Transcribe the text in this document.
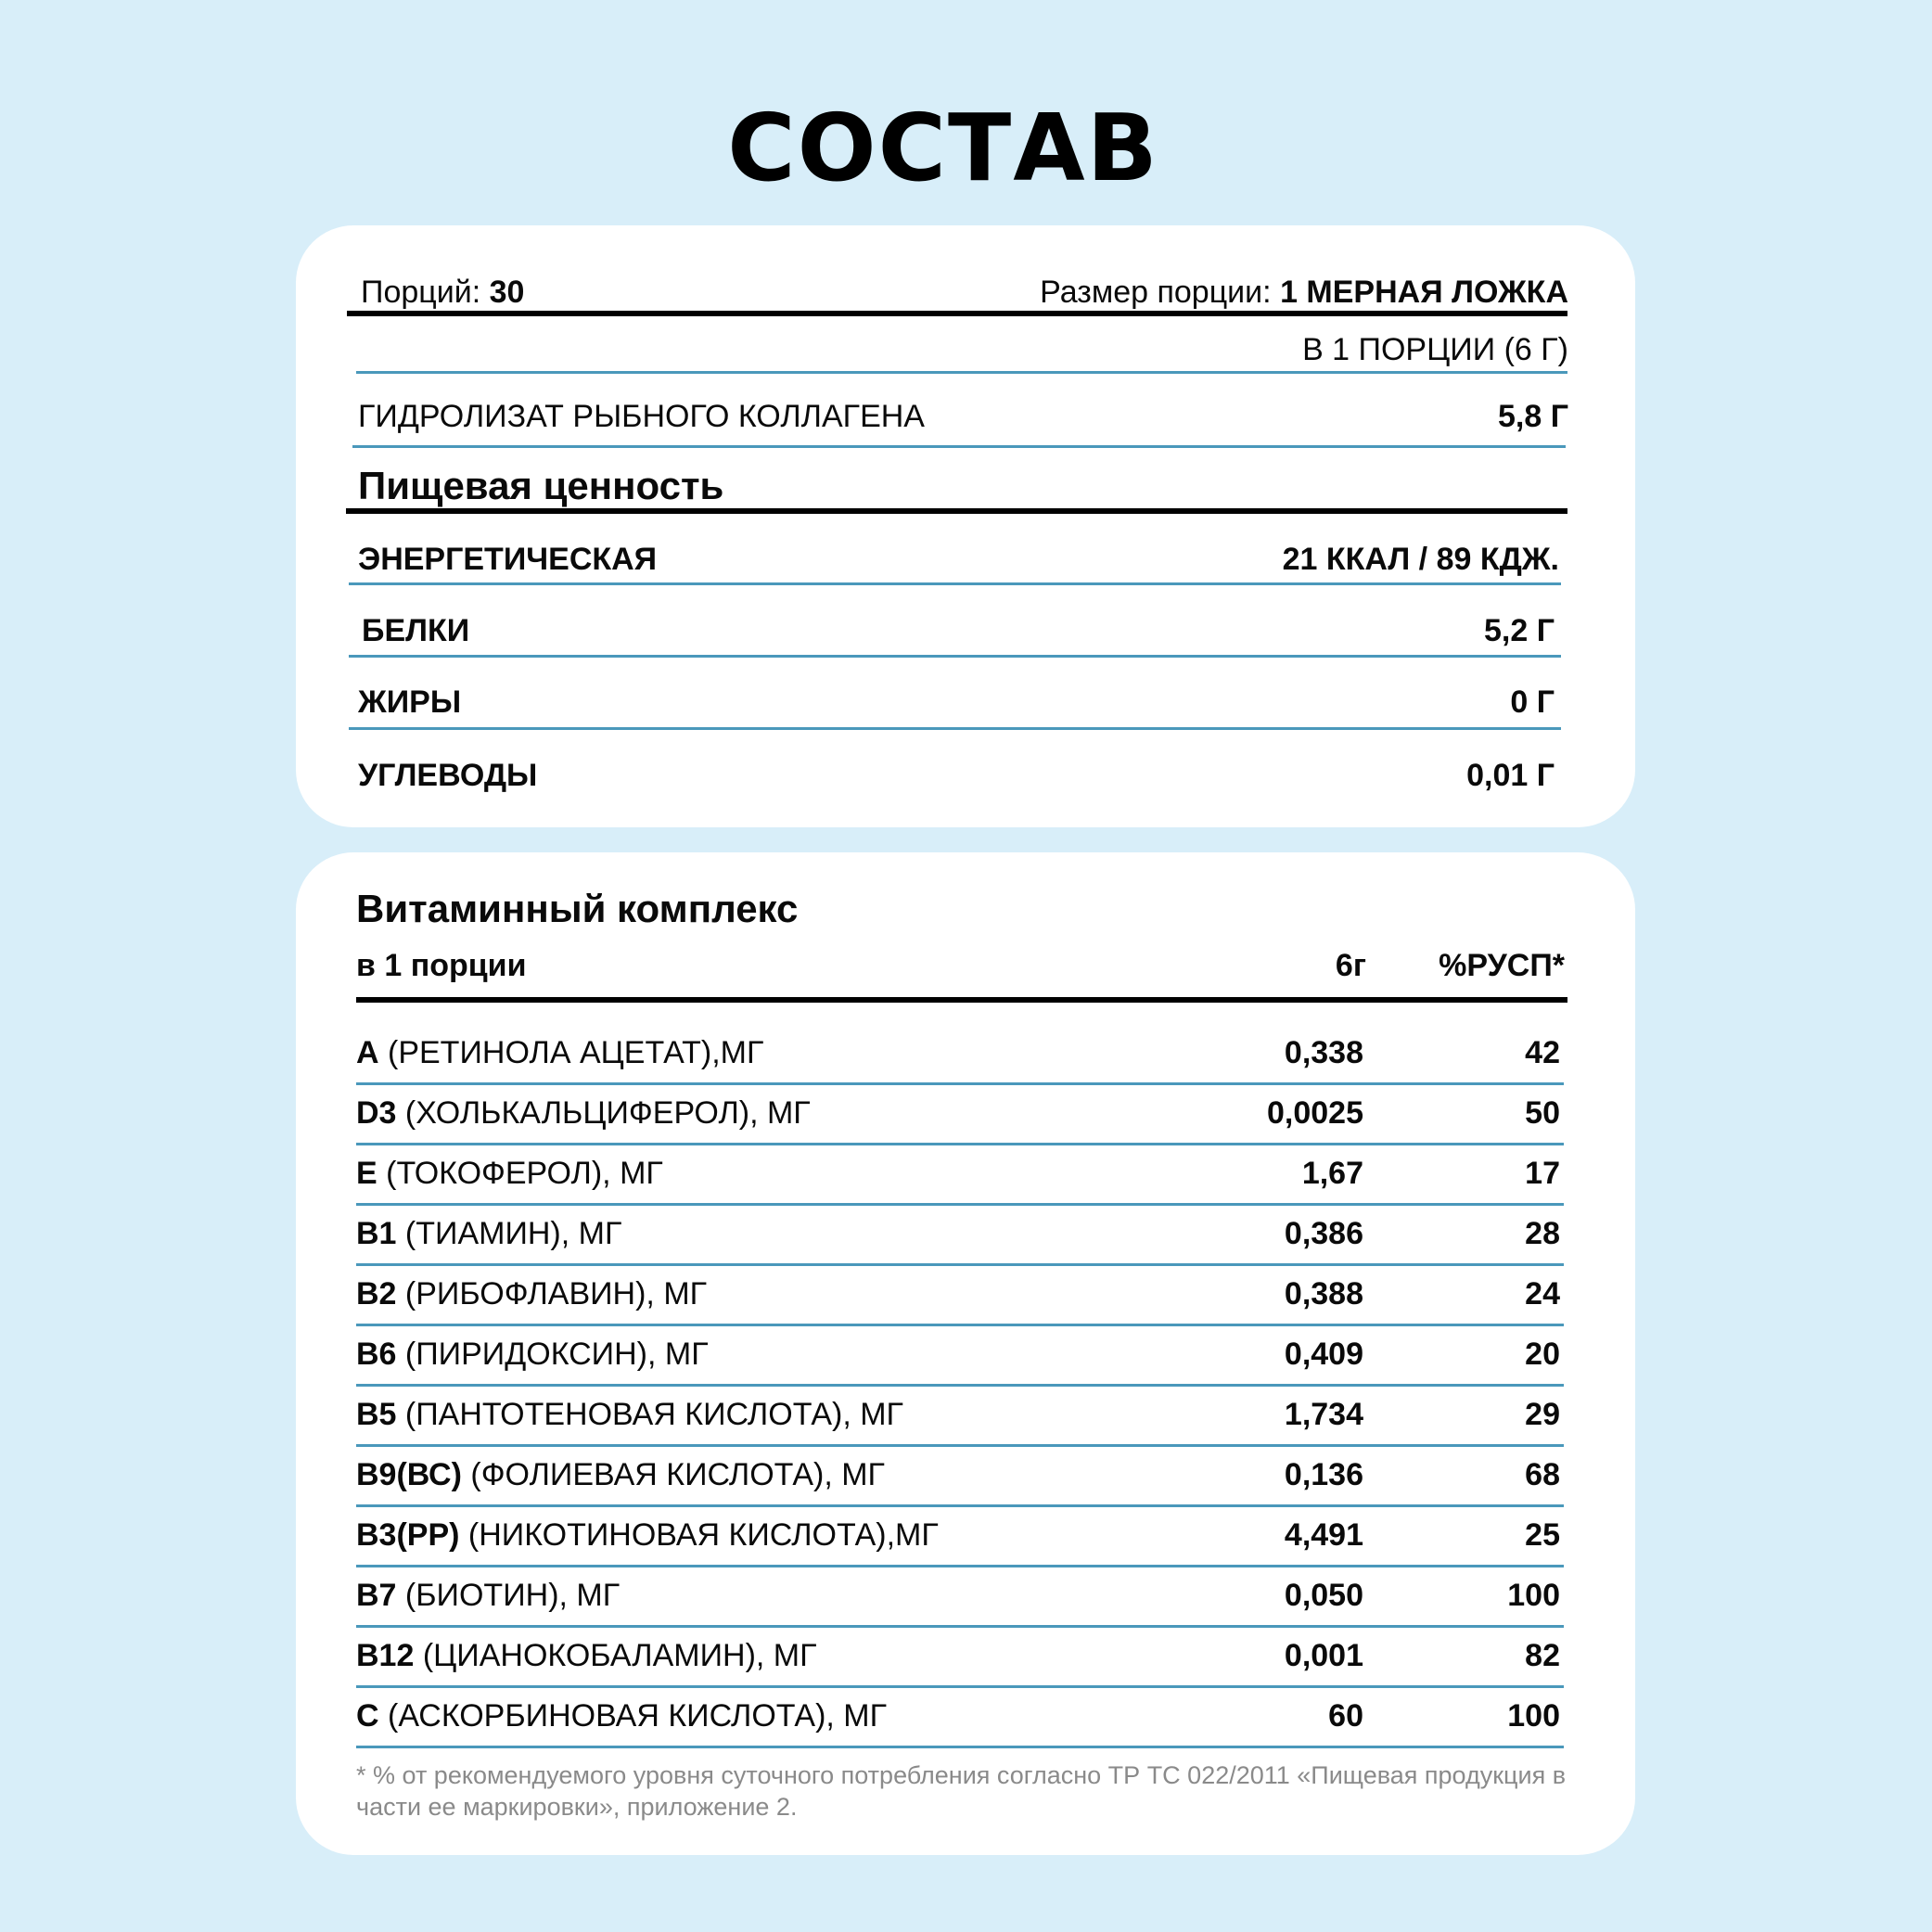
СОСТАВ
Порций: 30	Размер порции: 1 МЕРНАЯ ЛОЖКА
В 1 ПОРЦИИ (6 Г)
ГИДРОЛИЗАТ РЫБНОГО КОЛЛАГЕНА	5,8 Г
Пищевая ценность
ЭНЕРГЕТИЧЕСКАЯ	21 ККАЛ / 89 КДЖ.
БЕЛКИ	5,2 Г
ЖИРЫ	0 Г
УГЛЕВОДЫ	0,01 Г
Витаминный комплекс
в 1 порции	6г %РУСП*
A (РЕТИНОЛА АЦЕТАТ),МГ	0,338	42
D3 (ХОЛЬКАЛЬЦИФЕРОЛ), МГ	0,0025	50
E (ТОКОФЕРОЛ), МГ	1,67	17
B1 (ТИАМИН), МГ	0,386	28
B2 (РИБОФЛАВИН), МГ	0,388	24
B6 (ПИРИДОКСИН), МГ	0,409	20
B5 (ПАНТОТЕНОВАЯ КИСЛОТА), МГ	1,734	29
B9(ВС) (ФОЛИЕВАЯ КИСЛОТА), МГ	0,136	68
B3(PP) (НИКОТИНОВАЯ КИСЛОТА),МГ	4,491	25
B7 (БИОТИН), МГ	0,050	100
B12 (ЦИАНОКОБАЛАМИН), МГ	0,001	82
C (АСКОРБИНОВАЯ КИСЛОТА), МГ	60	100
* % от рекомендуемого уровня суточного потребления согласно ТР ТС 022/2011 «Пищевая продукция в части ее маркировки», приложение 2.
